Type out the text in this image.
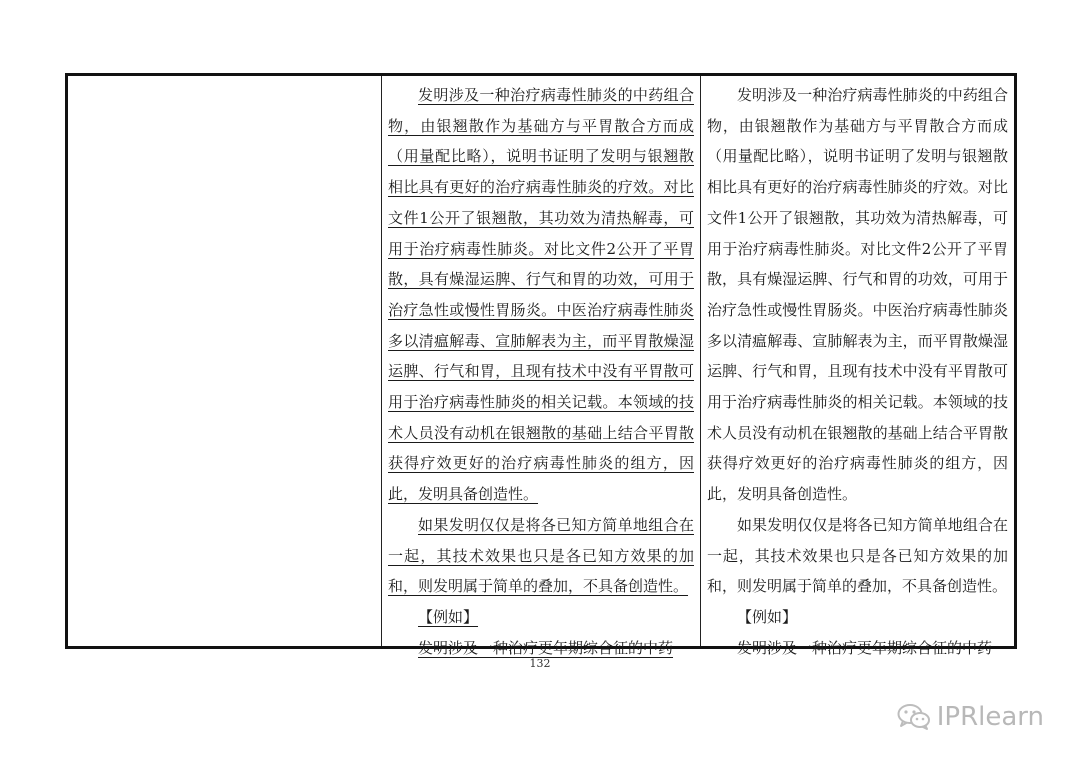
发明涉及一种治疗病毒性肺炎的中药组合物，由银翘散作为基础方与平胃散合方而成（用量配比略），说明书证明了发明与银翘散相比具有更好的治疗病毒性肺炎的疗效。对比文件1公开了银翘散，其功效为清热解毒，可用于治疗病毒性肺炎。对比文件2公开了平胃散，具有燥湿运脾、行气和胃的功效，可用于治疗急性或慢性胃肠炎。中医治疗病毒性肺炎多以清瘟解毒、宣肺解表为主，而平胃散燥湿运脾、行气和胃，且现有技术中没有平胃散可用于治疗病毒性肺炎的相关记载。本领域的技术人员没有动机在银翘散的基础上结合平胃散获得疗效更好的治疗病毒性肺炎的组方，因此，发明具备创造性。

如果发明仅仅是将各已知方简单地组合在一起，其技术效果也只是各已知方效果的加和，则发明属于简单的叠加，不具备创造性。

【例如】

发明涉及一种治疗更年期综合征的中药

发明涉及一种治疗病毒性肺炎的中药组合物，由银翘散作为基础方与平胃散合方而成（用量配比略），说明书证明了发明与银翘散相比具有更好的治疗病毒性肺炎的疗效。对比文件1公开了银翘散，其功效为清热解毒，可用于治疗病毒性肺炎。对比文件2公开了平胃散，具有燥湿运脾、行气和胃的功效，可用于治疗急性或慢性胃肠炎。中医治疗病毒性肺炎多以清瘟解毒、宣肺解表为主，而平胃散燥湿运脾、行气和胃，且现有技术中没有平胃散可用于治疗病毒性肺炎的相关记载。本领域的技术人员没有动机在银翘散的基础上结合平胃散获得疗效更好的治疗病毒性肺炎的组方，因此，发明具备创造性。

如果发明仅仅是将各已知方简单地组合在一起，其技术效果也只是各已知方效果的加和，则发明属于简单的叠加，不具备创造性。

【例如】

发明涉及一种治疗更年期综合征的中药

132
IPRlearn
